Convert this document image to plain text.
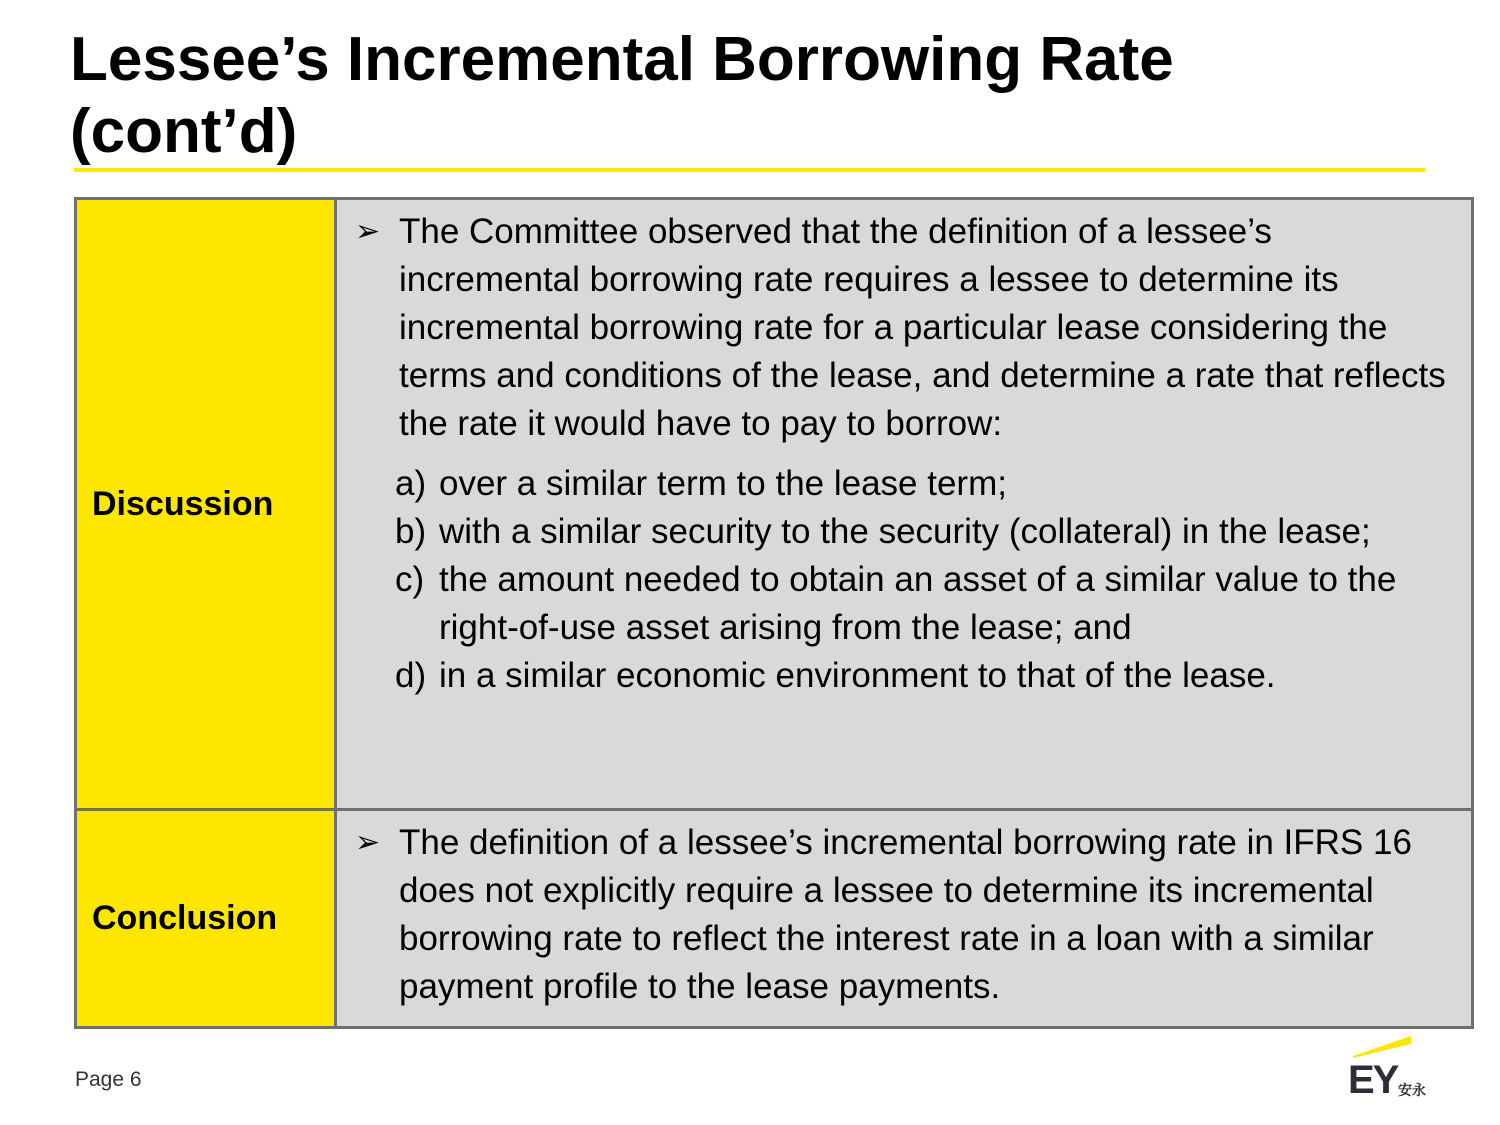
Lessee’s Incremental Borrowing Rate (cont’d)
Discussion
➢ The Committee observed that the definition of a lessee’s incremental borrowing rate requires a lessee to determine its incremental borrowing rate for a particular lease considering the terms and conditions of the lease, and determine a rate that reflects the rate it would have to pay to borrow:
a) over a similar term to the lease term;
b) with a similar security to the security (collateral) in the lease;
c) the amount needed to obtain an asset of a similar value to the right-of-use asset arising from the lease; and
d) in a similar economic environment to that of the lease.
Conclusion
➢ The definition of a lessee’s incremental borrowing rate in IFRS 16 does not explicitly require a lessee to determine its incremental borrowing rate to reflect the interest rate in a loan with a similar payment profile to the lease payments.
Page 6	EY 安永
